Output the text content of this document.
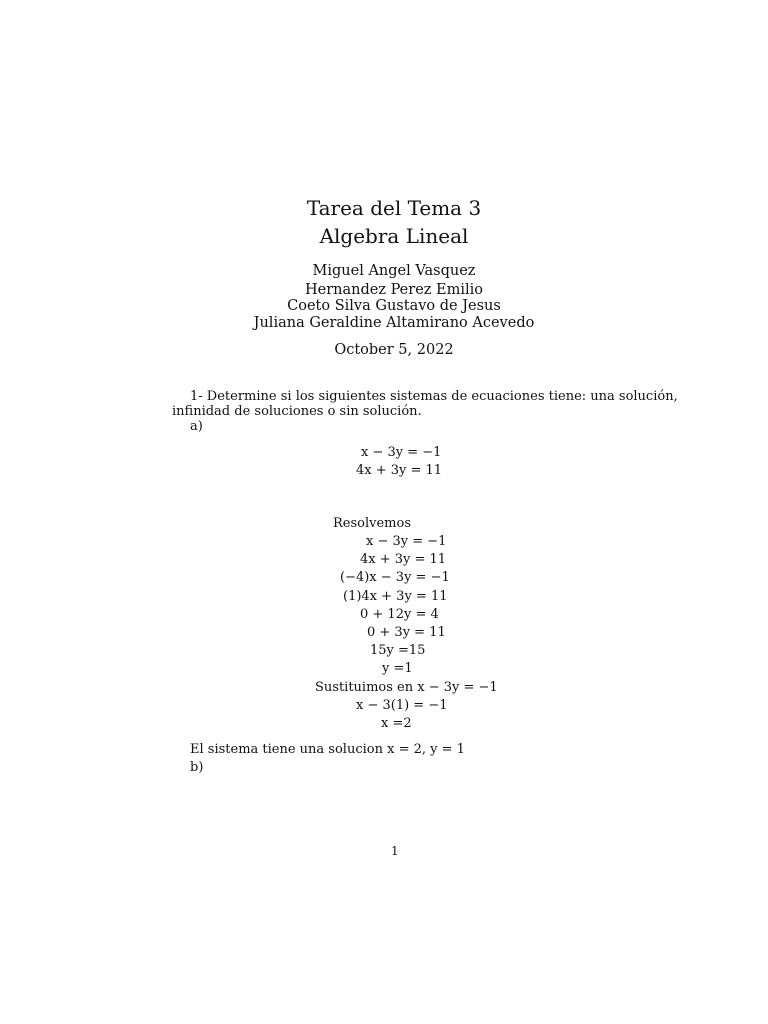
Tarea del Tema 3
Algebra Lineal
Miguel Angel Vasquez
Hernandez Perez Emilio
Coeto Silva Gustavo de Jesus
Juliana Geraldine Altamirano Acevedo
October 5, 2022
1- Determine si los siguientes sistemas de ecuaciones tiene: una solución,
infinidad de soluciones o sin solución.
a)
x − 3y = −1
4x + 3y = 11
Resolvemos
x − 3y = −1
4x + 3y = 11
(−4)x − 3y = −1
(1)4x + 3y = 11
0 + 12y = 4
0 + 3y = 11
15y =15
y =1
Sustituimos en x − 3y = −1
x − 3(1) = −1
x =2
El sistema tiene una solucion x = 2, y = 1
b)
1
